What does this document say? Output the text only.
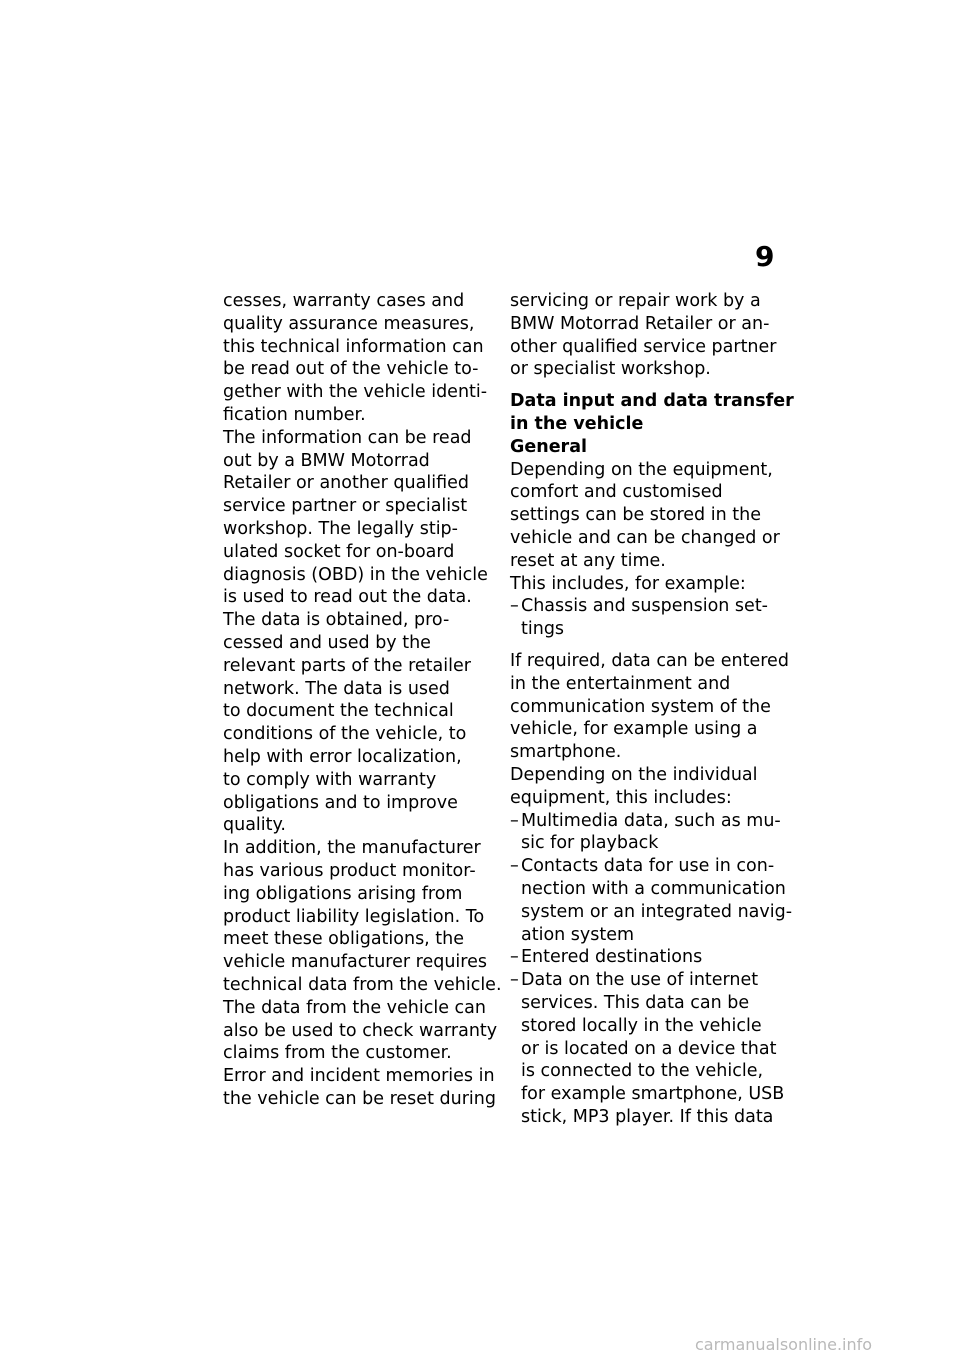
9
cesses, warranty cases and
quality assurance measures,
this technical information can
be read out of the vehicle to-
gether with the vehicle identi-
fication number.
The information can be read
out by a BMW Motorrad
Retailer or another qualified
service partner or specialist
workshop. The legally stip-
ulated socket for on-board
diagnosis (OBD) in the vehicle
is used to read out the data.
The data is obtained, pro-
cessed and used by the
relevant parts of the retailer
network. The data is used
to document the technical
conditions of the vehicle, to
help with error localization,
to comply with warranty
obligations and to improve
quality.
In addition, the manufacturer
has various product monitor-
ing obligations arising from
product liability legislation. To
meet these obligations, the
vehicle manufacturer requires
technical data from the vehicle.
The data from the vehicle can
also be used to check warranty
claims from the customer.
Error and incident memories in
the vehicle can be reset during
servicing or repair work by a
BMW Motorrad Retailer or an-
other qualified service partner
or specialist workshop.
Data input and data transfer
in the vehicle
General
Depending on the equipment,
comfort and customised
settings can be stored in the
vehicle and can be changed or
reset at any time.
This includes, for example:
– Chassis and suspension set-
tings
If required, data can be entered
in the entertainment and
communication system of the
vehicle, for example using a
smartphone.
Depending on the individual
equipment, this includes:
– Multimedia data, such as mu-
sic for playback
– Contacts data for use in con-
nection with a communication
system or an integrated navig-
ation system
– Entered destinations
– Data on the use of internet
services. This data can be
stored locally in the vehicle
or is located on a device that
is connected to the vehicle,
for example smartphone, USB
stick, MP3 player. If this data
carmanualsonline.info
